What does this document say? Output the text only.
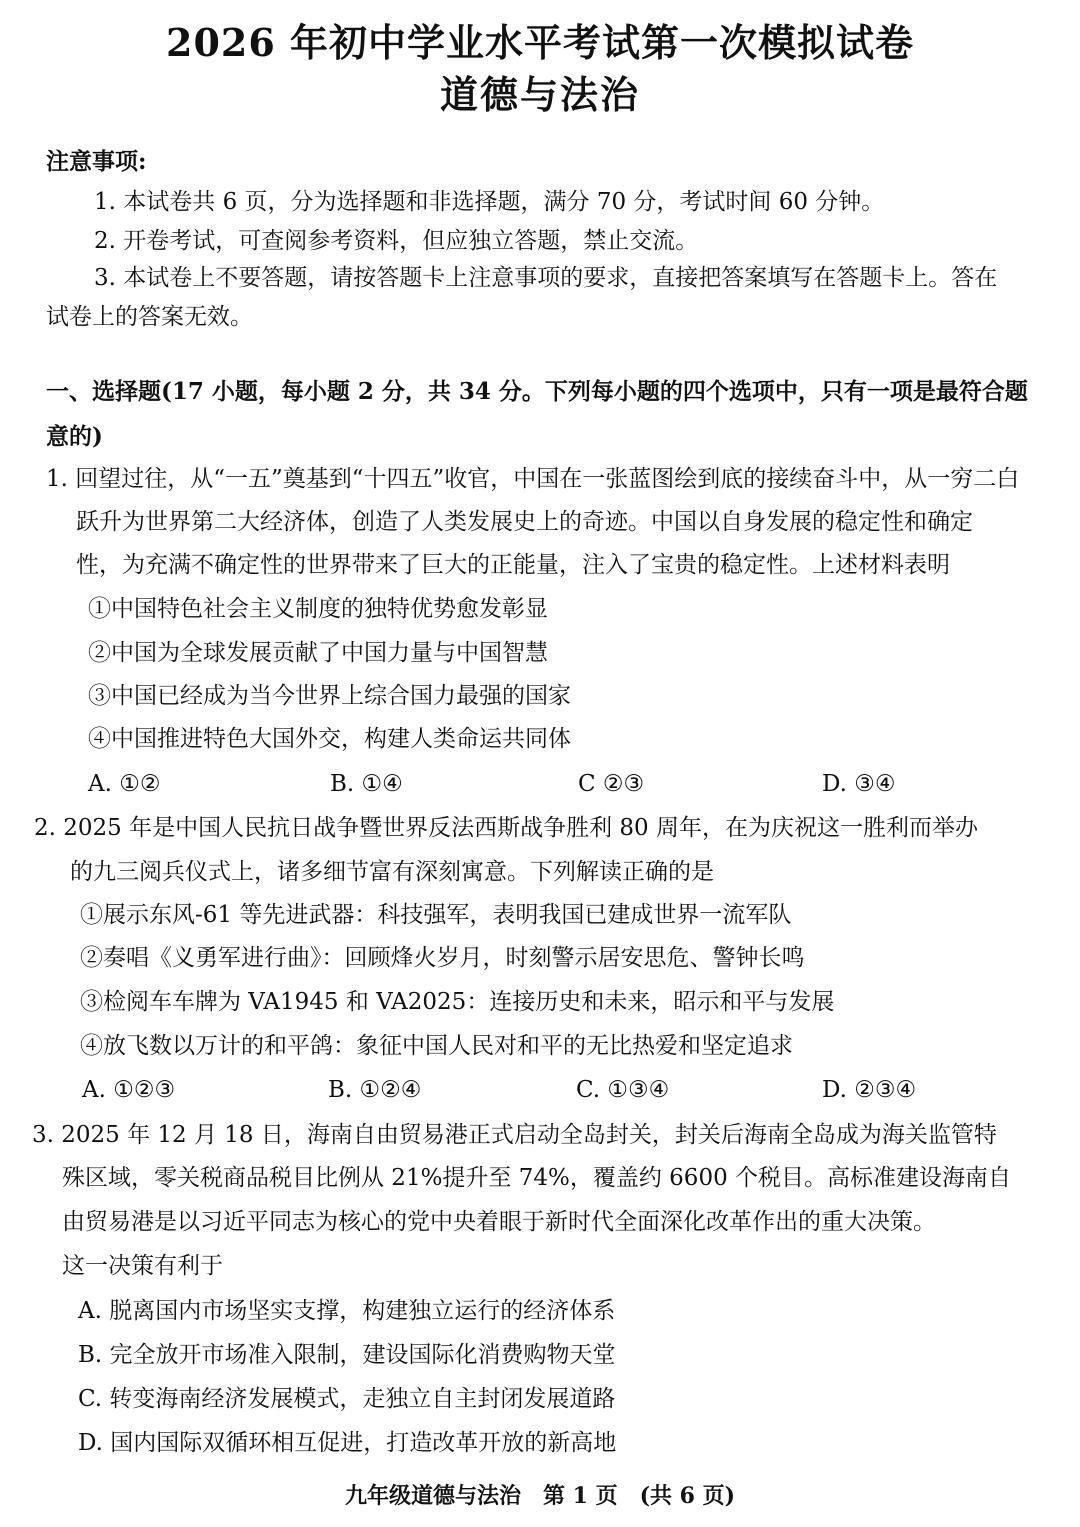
2026 年初中学业水平考试第一次模拟试卷
道德与法治
注意事项:
1. 本试卷共 6 页，分为选择题和非选择题，满分 70 分，考试时间 60 分钟。
2. 开卷考试，可查阅参考资料，但应独立答题，禁止交流。
3. 本试卷上不要答题，请按答题卡上注意事项的要求，直接把答案填写在答题卡上。答在
试卷上的答案无效。
一、选择题(17 小题，每小题 2 分，共 34 分。下列每小题的四个选项中，只有一项是最符合题
意的)
1. 回望过往，从“一五”奠基到“十四五”收官，中国在一张蓝图绘到底的接续奋斗中，从一穷二白
跃升为世界第二大经济体，创造了人类发展史上的奇迹。中国以自身发展的稳定性和确定
性，为充满不确定性的世界带来了巨大的正能量，注入了宝贵的稳定性。上述材料表明
①中国特色社会主义制度的独特优势愈发彰显
②中国为全球发展贡献了中国力量与中国智慧
③中国已经成为当今世界上综合国力最强的国家
④中国推进特色大国外交，构建人类命运共同体
A. ①②	B. ①④	C ②③	D. ③④
2. 2025 年是中国人民抗日战争暨世界反法西斯战争胜利 80 周年，在为庆祝这一胜利而举办
的九三阅兵仪式上，诸多细节富有深刻寓意。下列解读正确的是
①展示东风-61 等先进武器：科技强军，表明我国已建成世界一流军队
②奏唱《义勇军进行曲》：回顾烽火岁月，时刻警示居安思危、警钟长鸣
③检阅车车牌为 VA1945 和 VA2025：连接历史和未来，昭示和平与发展
④放飞数以万计的和平鸽：象征中国人民对和平的无比热爱和坚定追求
A. ①②③	B. ①②④	C. ①③④	D. ②③④
3. 2025 年 12 月 18 日，海南自由贸易港正式启动全岛封关，封关后海南全岛成为海关监管特
殊区域，零关税商品税目比例从 21%提升至 74%，覆盖约 6600 个税目。高标准建设海南自
由贸易港是以习近平同志为核心的党中央着眼于新时代全面深化改革作出的重大决策。
这一决策有利于
A. 脱离国内市场坚实支撑，构建独立运行的经济体系
B. 完全放开市场准入限制，建设国际化消费购物天堂
C. 转变海南经济发展模式，走独立自主封闭发展道路
D. 国内国际双循环相互促进，打造改革开放的新高地
九年级道德与法治　第 1 页　(共 6 页)
